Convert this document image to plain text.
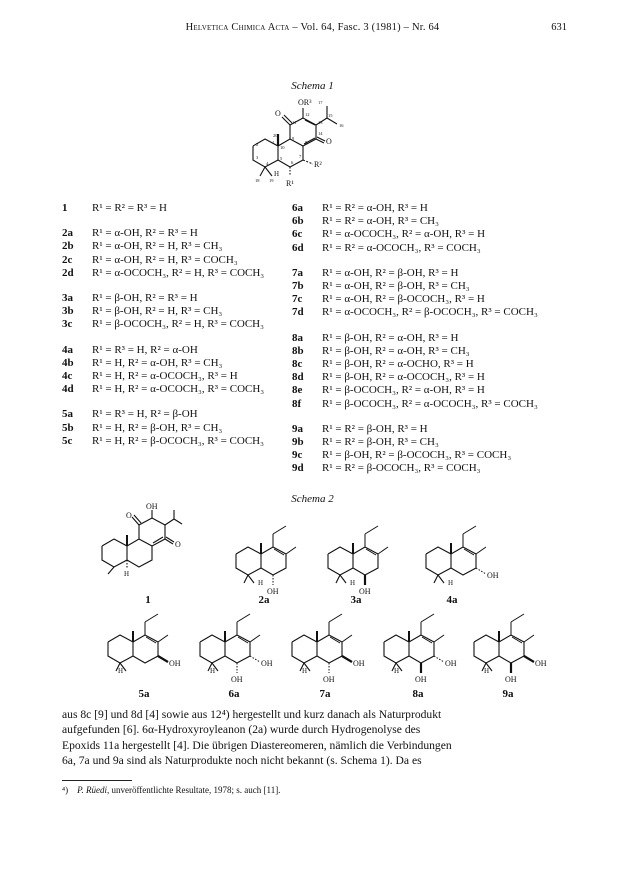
Helvetica Chimica Acta – Vol. 64, Fasc. 3 (1981) – Nr. 64	631
Schema 1
OR³
O
O
R²
R¹
H
17
12
13
15
16
11
14
20
9
8
10
1
2
3
4
5
6
7
18 19
1	R¹ = R² = R³ = H
2a	R¹ = α-OH, R² = R³ = H
2b	R¹ = α-OH, R² = H, R³ = CH₃
2c	R¹ = α-OH, R² = H, R³ = COCH₃
2d	R¹ = α-OCOCH₃, R² = H, R³ = COCH₃
3a	R¹ = β-OH, R² = R³ = H
3b	R¹ = β-OH, R² = H, R³ = CH₃
3c	R¹ = β-OCOCH₃, R² = H, R³ = COCH₃
4a	R¹ = R³ = H, R² = α-OH
4b	R¹ = H, R² = α-OH, R³ = CH₃
4c	R¹ = H, R² = α-OCOCH₃, R³ = H
4d	R¹ = H, R² = α-OCOCH₃, R³ = COCH₃
5a	R¹ = R³ = H, R² = β-OH
5b	R¹ = H, R² = β-OH, R³ = CH₃
5c	R¹ = H, R² = β-OCOCH₃, R³ = COCH₃
6a	R¹ = R² = α-OH, R³ = H
6b	R¹ = R² = α-OH, R³ = CH₃
6c	R¹ = α-OCOCH₃, R² = α-OH, R³ = H
6d	R¹ = R² = α-OCOCH₃, R³ = COCH₃
7a	R¹ = α-OH, R² = β-OH, R³ = H
7b	R¹ = α-OH, R² = β-OH, R³ = CH₃
7c	R¹ = α-OH, R² = β-OCOCH₃, R³ = H
7d	R¹ = α-OCOCH₃, R² = β-OCOCH₃, R³ = COCH₃
8a	R¹ = β-OH, R² = α-OH, R³ = H
8b	R¹ = β-OH, R² = α-OH, R³ = CH₃
8c	R¹ = β-OH, R² = α-OCHO, R³ = H
8d	R¹ = β-OH, R² = α-OCOCH₃, R³ = H
8e	R¹ = β-OCOCH₃, R² = α-OH, R³ = H
8f	R¹ = β-OCOCH₃, R² = α-OCOCH₃, R³ = COCH₃
9a	R¹ = R² = β-OH, R³ = H
9b	R¹ = R² = β-OH, R³ = CH₃
9c	R¹ = β-OH, R² = β-OCOCH₃, R³ = COCH₃
9d	R¹ = R² = β-OCOCH₃, R³ = COCH₃
Schema 2
OH
O
O
H
OH
H
OH
H
OH
H
OH
H
OH
OH
H
OH
OH
H
OH
OH
H
OH
OH
H
1	2a	3a	4a
5a	6a	7a	8a	9a

aus 8c [9] und 8d [4] sowie aus 12⁴) hergestellt und kurz danach als Naturprodukt

aufgefunden [6]. 6α-Hydroxyroyleanon (2a) wurde durch Hydrogenolyse des

Epoxids 11a hergestellt [4]. Die übrigen Diastereomeren, nämlich die Verbindungen

6a, 7a und 9a sind als Naturprodukte noch nicht bekannt (s. Schema 1). Da es

⁴) P. Rüedi, unveröffentlichte Resultate, 1978; s. auch [11].
